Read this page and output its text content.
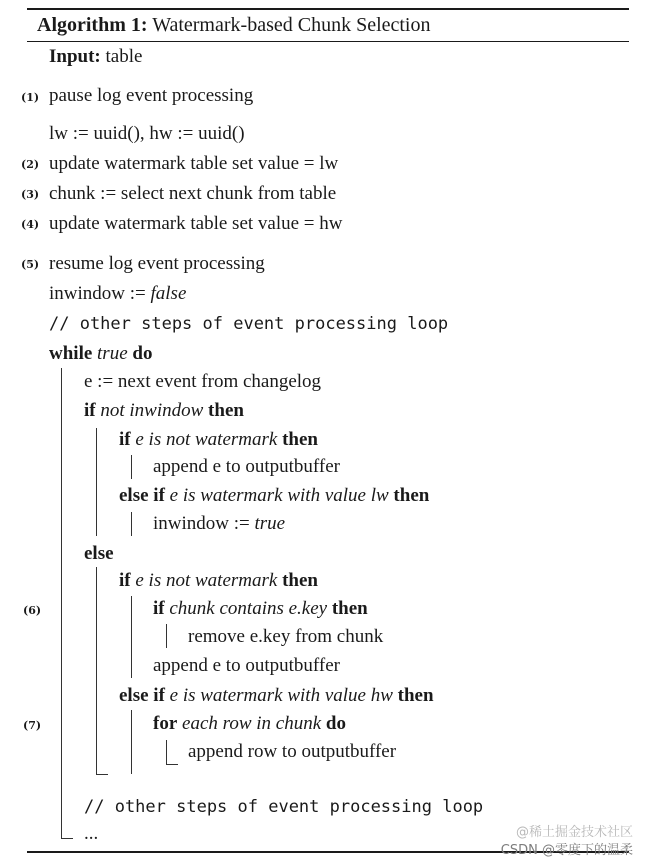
Algorithm 1: Watermark-based Chunk Selection
Input: table
(1)
(2)
(3)
(4)
(5)
(6)
(7)
pause log event processing
lw := uuid(), hw := uuid()
update watermark table set value = lw
chunk := select next chunk from table
update watermark table set value = hw
resume log event processing
inwindow := false
// other steps of event processing loop
while true do
e := next event from changelog
if not inwindow then
if e is not watermark then
append e to outputbuffer
else if e is watermark with value lw then
inwindow := true
else
if e is not watermark then
if chunk contains e.key then
remove e.key from chunk
append e to outputbuffer
else if e is watermark with value hw then
for each row in chunk do
append row to outputbuffer
// other steps of event processing loop
...	@稀土掘金技术社区
CSDN @零度下的温柔
